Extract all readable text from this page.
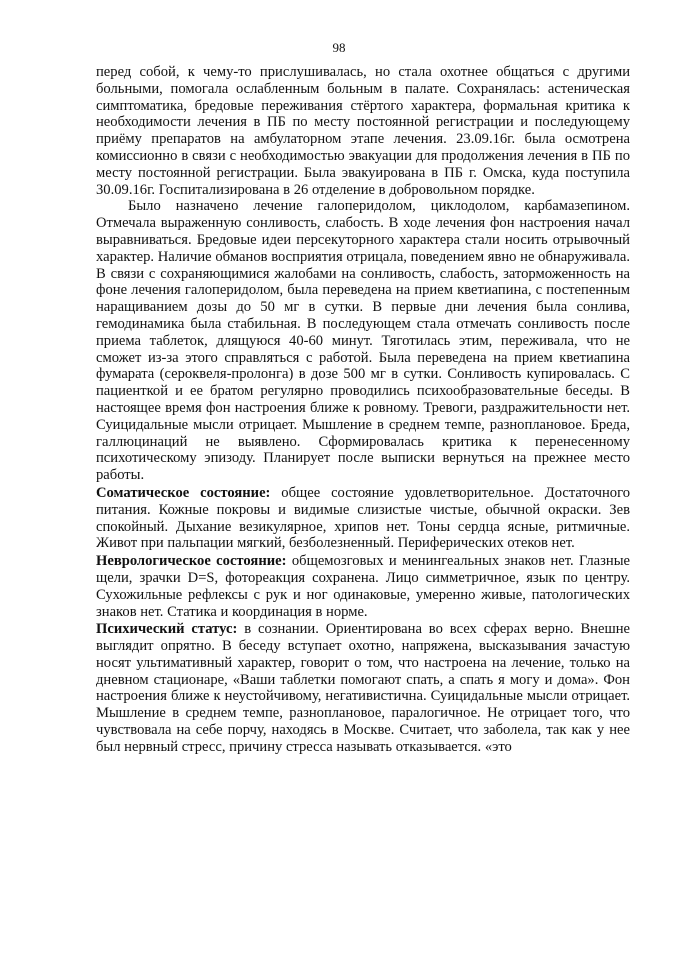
98

перед собой, к чему-то прислушивалась, но стала охотнее общаться с другими больными, помогала ослабленным больным в палате. Сохранялась: астеническая симптоматика, бредовые переживания стёртого характера, формальная критика к необходимости лечения в ПБ по месту постоянной регистрации и последующему приёму препаратов на амбулаторном этапе лечения. 23.09.16г. была осмотрена комиссионно в связи с необходимостью эвакуации для продолжения лечения в ПБ по месту постоянной регистрации. Была эвакуирована в ПБ г. Омска, куда поступила 30.09.16г. Госпитализирована в 26 отделение в добровольном порядке.

Было назначено лечение галоперидолом, циклодолом, карбамазепином. Отмечала выраженную сонливость, слабость. В ходе лечения фон настроения начал выравниваться. Бредовые идеи персекуторного характера стали носить отрывочный характер. Наличие обманов восприятия отрицала, поведением явно не обнаруживала. В связи с сохраняющимися жалобами на сонливость, слабость, заторможенность на фоне лечения галоперидолом, была переведена на прием кветиапина, с постепенным наращиванием дозы до 50 мг в сутки. В первые дни лечения была сонлива, гемодинамика была стабильная. В последующем стала отмечать сонливость после приема таблеток, длящуюся 40-60 минут. Тяготилась этим, переживала, что не сможет из-за этого справляться с работой. Была переведена на прием кветиапина фумарата (сероквеля-пролонга) в дозе 500 мг в сутки. Сонливость купировалась. С пациенткой и ее братом регулярно проводились психообразовательные беседы. В настоящее время фон настроения ближе к ровному. Тревоги, раздражительности нет. Суицидальные мысли отрицает. Мышление в среднем темпе, разноплановое. Бреда, галлюцинаций не выявлено. Сформировалась критика к перенесенному психотическому эпизоду. Планирует после выписки вернуться на прежнее место работы.

Соматическое состояние: общее состояние удовлетворительное. Достаточного питания. Кожные покровы и видимые слизистые чистые, обычной окраски. Зев спокойный. Дыхание везикулярное, хрипов нет. Тоны сердца ясные, ритмичные. Живот при пальпации мягкий, безболезненный. Периферических отеков нет.

Неврологическое состояние: общемозговых и менингеальных знаков нет. Глазные щели, зрачки D=S, фотореакция сохранена. Лицо симметричное, язык по центру. Сухожильные рефлексы с рук и ног одинаковые, умеренно живые, патологических знаков нет. Статика и координация в норме.

Психический статус: в сознании. Ориентирована во всех сферах верно. Внешне выглядит опрятно. В беседу вступает охотно, напряжена, высказывания зачастую носят ультимативный характер, говорит о том, что настроена на лечение, только на дневном стационаре, «Ваши таблетки помогают спать, а спать я могу и дома». Фон настроения ближе к неустойчивому, негативистична. Суицидальные мысли отрицает. Мышление в среднем темпе, разноплановое, паралогичное. Не отрицает того, что чувствовала на себе порчу, находясь в Москве. Считает, что заболела, так как у нее был нервный стресс, причину стресса называть отказывается. «это
